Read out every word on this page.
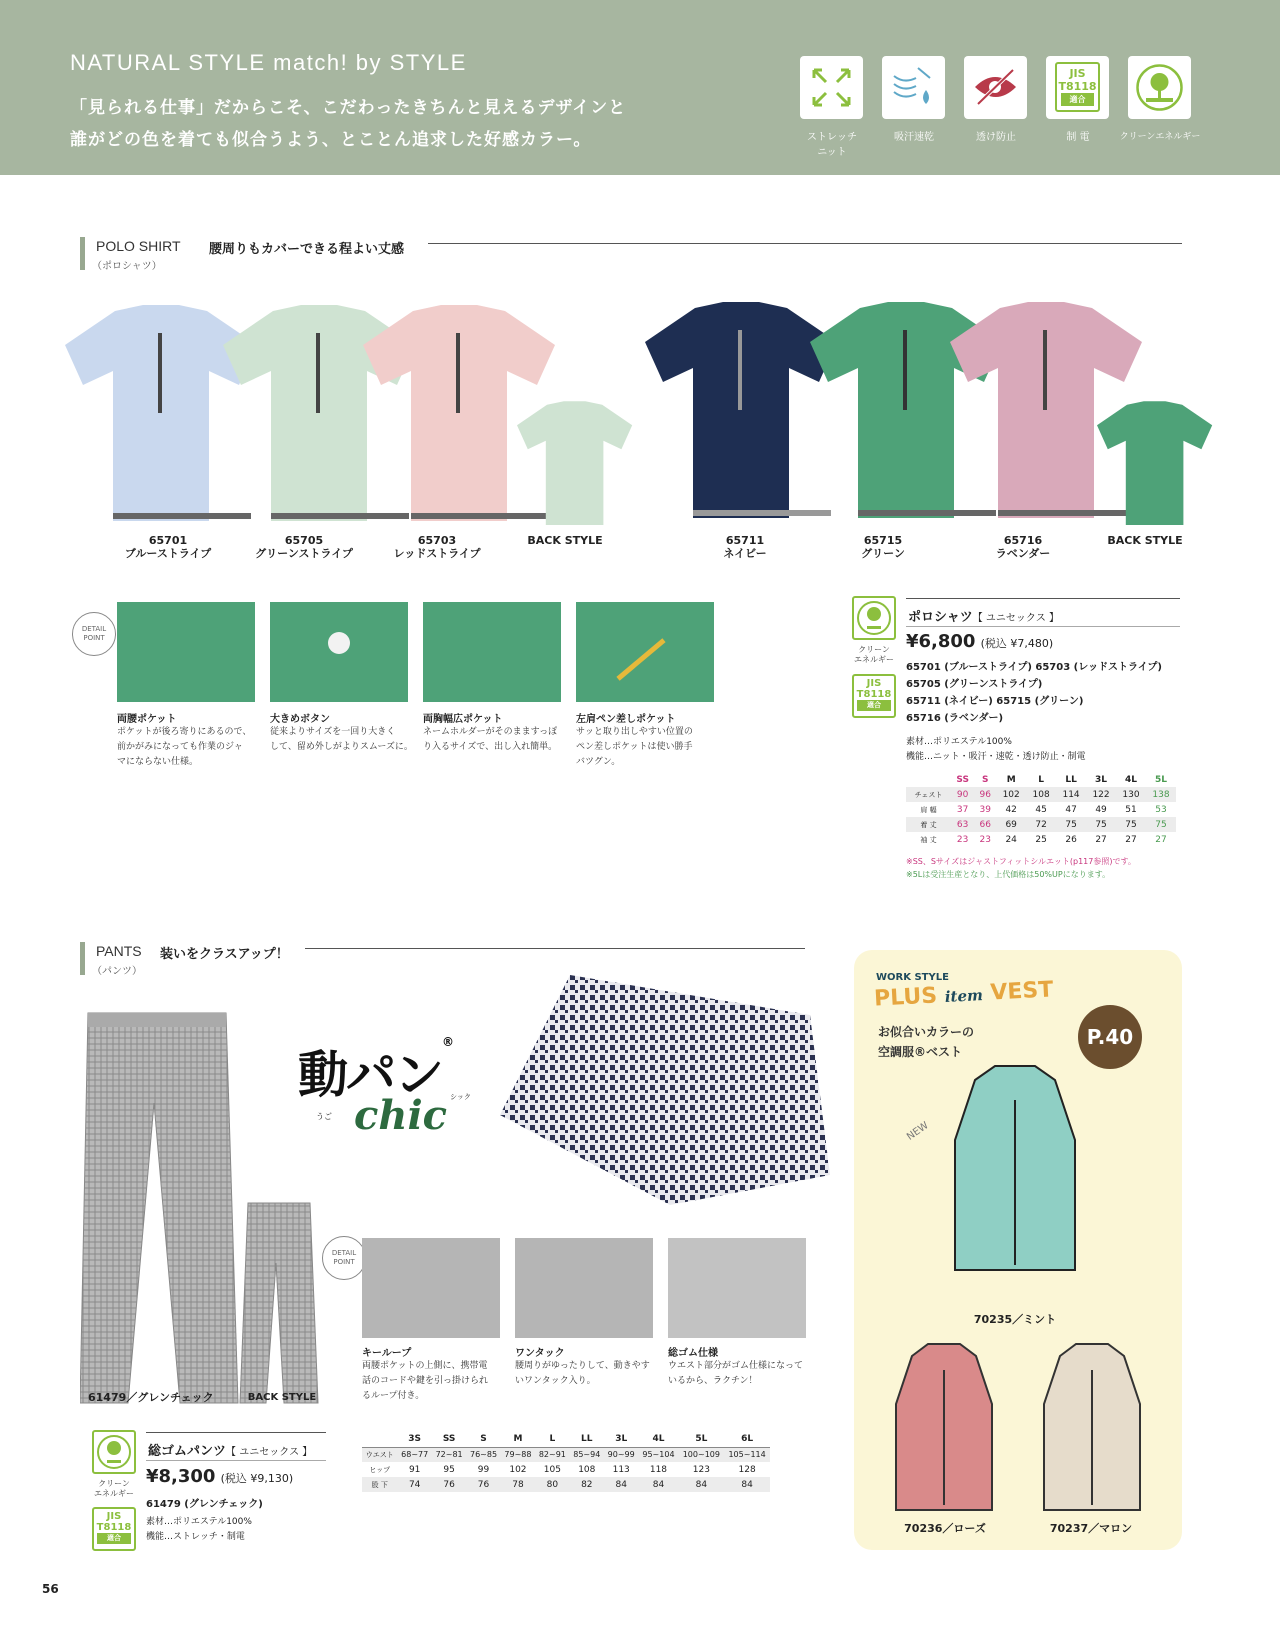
NATURAL STYLE match! by STYLE
「見られる仕事」だからこそ、こだわったきちんと見えるデザインと
誰がどの色を着ても似合うよう、とことん追求した好感カラー。
JIS
T8118
適合
ストレッチ
ニット
吸汗速乾	透け防止	制 電	クリーンエネルギー
POLO SHIRT 腰周りもカバーできる程よい丈感
（ポロシャツ）
65701
ブルーストライプ
65705
グリーンストライプ
65703
レッドストライプ
BACK STYLE	65711
ネイビー
65715
グリーン
65716
ラベンダー
BACK STYLE
DETAIL
POINT
両腰ポケット
ポケットが後ろ寄りにあるので、
前かがみになっても作業のジャ
マにならない仕様。
大きめボタン
従来よりサイズを一回り大きく
して、留め外しがよりスムーズに。
両胸幅広ポケット
ネームホルダーがそのまますっぽ
り入るサイズで、出し入れ簡単。
左肩ペン差しポケット
サッと取り出しやすい位置の
ペン差しポケットは使い勝手
バツグン。
クリーン
エネルギー
JIS
T8118
適合
ポロシャツ【 ユニセックス 】
¥6,800 (税込 ¥7,480)
65701 (ブルーストライプ) 65703 (レッドストライプ)
65705 (グリーンストライプ)
65711 (ネイビー) 65715 (グリーン)
65716 (ラベンダー)
素材…ポリエステル100%
機能…ニット・吸汗・速乾・透け防止・制電
	SS	S	M	L	LL	3L	4L	5L
チェスト	90	96	102	108	114	122	130	138
肩 幅	37	39	42	45	47	49	51	53
着 丈	63	66	69	72	75	75	75	75
袖 丈	23	23	24	25	26	27	27	27
※SS、Sサイズはジャストフィットシルエット(p117参照)です。
※5Lは受注生産となり、上代価格は50%UPになります。
PANTS 装いをクラスアップ！
（パンツ）
61479／グレンチェック	BACK STYLE
動パン®
うご chic シック
DETAIL
POINT
キーループ
両腰ポケットの上側に、携帯電
話のコードや鍵を引っ掛けられ
るループ付き。
ワンタック
腰周りがゆったりして、動きやす
いワンタック入り。
総ゴム仕様
ウエスト部分がゴム仕様になって
いるから、ラクチン！
クリーン
エネルギー
JIS
T8118
適合
総ゴムパンツ【 ユニセックス 】
¥8,300 (税込 ¥9,130)
61479 (グレンチェック)
素材…ポリエステル100%
機能…ストレッチ・制電
	3S	SS	S	M	L	LL	3L	4L	5L	6L
ウエスト	68~77	72~81	76~85	79~88	82~91	85~94	90~99	95~104	100~109	105~114
ヒップ	91	95	99	102	105	108	113	118	123	128
股 下	74	76	76	78	80	82	84	84	84	84
WORK STYLE
PLUS item VEST
お似合いカラーの
空調服®ベスト
P.40
NEW
70235／ミント
70236／ローズ	70237／マロン
56
